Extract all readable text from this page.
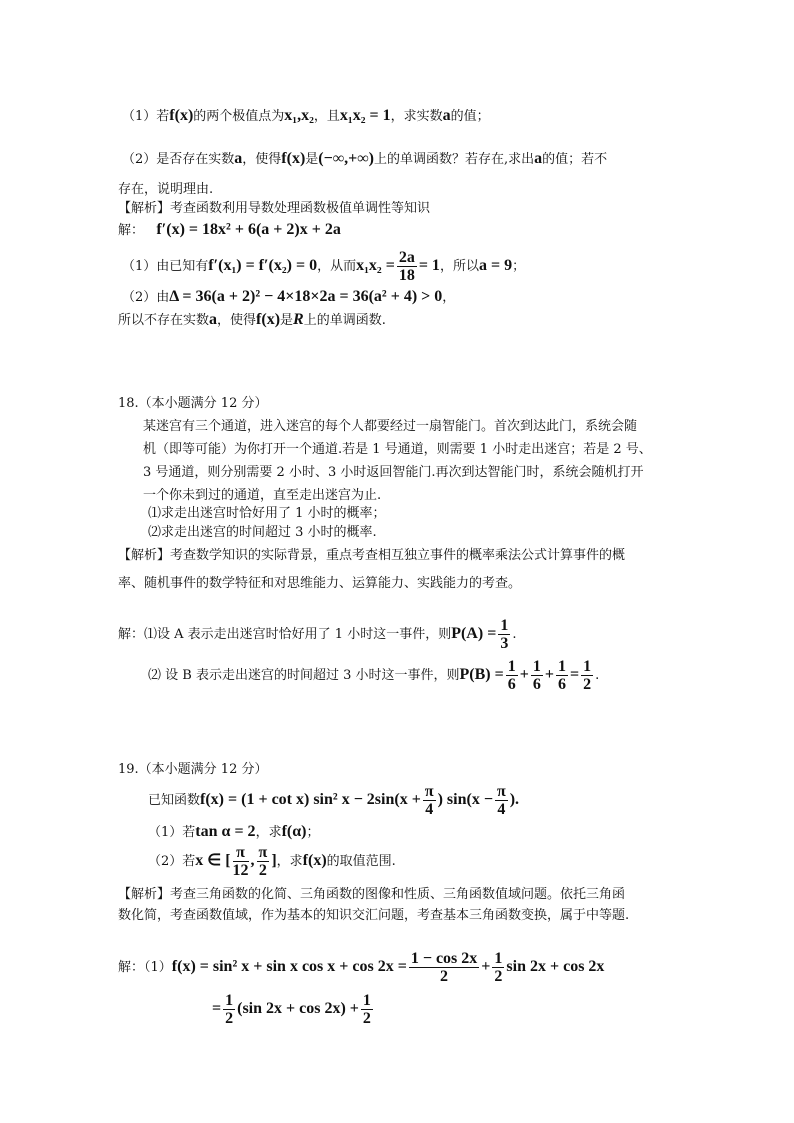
（1）若f(x)的两个极值点为x₁,x₂，且x₁x₂ = 1，求实数a的值；
（2）是否存在实数a，使得f(x)是(−∞,+∞)上的单调函数？若存在,求出a的值；若不
存在，说明理由.
【解析】考查函数利用导数处理函数极值单调性等知识
解： f′(x) = 18x² + 6(a + 2)x + 2a
（1）由已知有f′(x₁) = f′(x₂) = 0，从而$x_1x_2 = \frac{2a}{18} = 1$，所以a = 9；
（2）由Δ = 36(a + 2)² − 4×18×2a = 36(a² + 4) > 0，
所以不存在实数a，使得f(x)是R上的单调函数.
18.（本小题满分 12 分）
某迷宫有三个通道，进入迷宫的每个人都要经过一扇智能门。首次到达此门，系统会随
机（即等可能）为你打开一个通道.若是 1 号通道，则需要 1 小时走出迷宫；若是 2 号、
3 号通道，则分别需要 2 小时、3 小时返回智能门.再次到达智能门时，系统会随机打开
一个你未到过的通道，直至走出迷宫为止.
⑴求走出迷宫时恰好用了 1 小时的概率；
⑵求走出迷宫的时间超过 3 小时的概率.
【解析】考查数学知识的实际背景，重点考查相互独立事件的概率乘法公式计算事件的概
率、随机事件的数学特征和对思维能力、运算能力、实践能力的考查。
解：⑴设 A 表示走出迷宫时恰好用了 1 小时这一事件，则$P(A) = \frac{1}{3}$ .
⑵ 设 B 表示走出迷宫的时间超过 3 小时这一事件，则$P(B) = \frac{1}{6} + \frac{1}{6} + \frac{1}{6} = \frac{1}{2}$ .
19.（本小题满分 12 分）
已知函数f(x) = (1 + cot x) sin² $x - 2\sin(x + \frac{\pi}{4}$ ) $\sin(x - \frac{\pi}{4}$ ).
（1）若tan α = 2，求f(α)；
（2）若x ∈ [ $\frac{\pi}{12}$ , $\frac{\pi}{2}$ ]，求f(x)的取值范围.
【解析】考查三角函数的化简、三角函数的图像和性质、三角函数值域问题。依托三角函
数化简，考查函数值域，作为基本的知识交汇问题，考查基本三角函数变换，属于中等题.
解：（1）f(x) = sin² x + sin x $\cos x + \cos 2x = \frac{1 - \cos 2x}{2} + \frac{1}{2}$ sin 2x + cos 2x
= $\frac{1}{2} (\sin$ $2x + \cos 2x) + \frac{1}{2}$
